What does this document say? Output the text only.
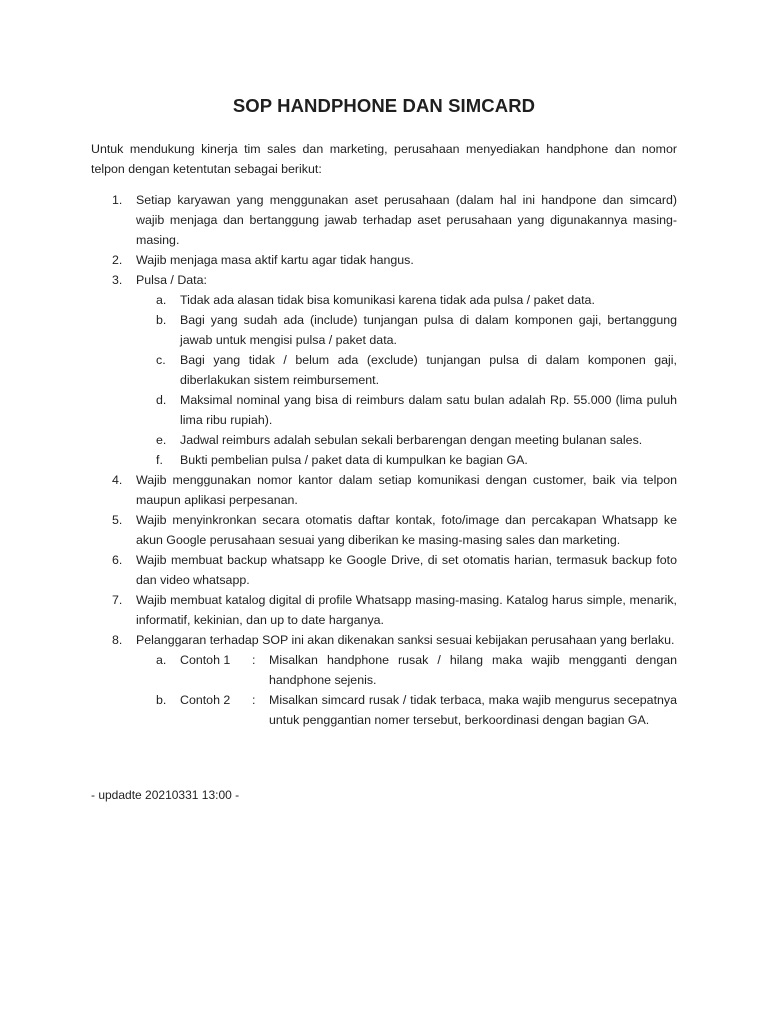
SOP HANDPHONE DAN SIMCARD

Untuk mendukung kinerja tim sales dan marketing, perusahaan menyediakan handphone dan nomor telpon dengan ketentutan sebagai berikut:

1.	Setiap karyawan yang menggunakan aset perusahaan (dalam hal ini handpone dan simcard) wajib menjaga dan bertanggung jawab terhadap aset perusahaan yang digunakannya masing-masing.
2.	Wajib menjaga masa aktif kartu agar tidak hangus.
3.	Pulsa / Data:
a.	Tidak ada alasan tidak bisa komunikasi karena tidak ada pulsa / paket data.
b.	Bagi yang sudah ada (include) tunjangan pulsa di dalam komponen gaji, bertanggung jawab untuk mengisi pulsa / paket data.
c.	Bagi yang tidak / belum ada (exclude) tunjangan pulsa di dalam komponen gaji, diberlakukan sistem reimbursement.
d.	Maksimal nominal yang bisa di reimburs dalam satu bulan adalah Rp. 55.000 (lima puluh lima ribu rupiah).
e.	Jadwal reimburs adalah sebulan sekali berbarengan dengan meeting bulanan sales.
f.	Bukti pembelian pulsa / paket data di kumpulkan ke bagian GA.
4.	Wajib menggunakan nomor kantor dalam setiap komunikasi dengan customer, baik via telpon maupun aplikasi perpesanan.
5.	Wajib menyinkronkan secara otomatis daftar kontak, foto/image dan percakapan Whatsapp ke akun Google perusahaan sesuai yang diberikan ke masing-masing sales dan marketing.
6.	Wajib membuat backup whatsapp ke Google Drive, di set otomatis harian, termasuk backup foto dan video whatsapp.
7.	Wajib membuat katalog digital di profile Whatsapp masing-masing. Katalog harus simple, menarik, informatif, kekinian, dan up to date harganya.
8.	Pelanggaran terhadap SOP ini akan dikenakan sanksi sesuai kebijakan perusahaan yang berlaku.
a.	Contoh 1	:	Misalkan handphone rusak / hilang maka wajib mengganti dengan handphone sejenis.
b.	Contoh 2	:	Misalkan simcard rusak / tidak terbaca, maka wajib mengurus secepatnya untuk penggantian nomer tersebut, berkoordinasi dengan bagian GA.
- updadte 20210331 13:00 -
